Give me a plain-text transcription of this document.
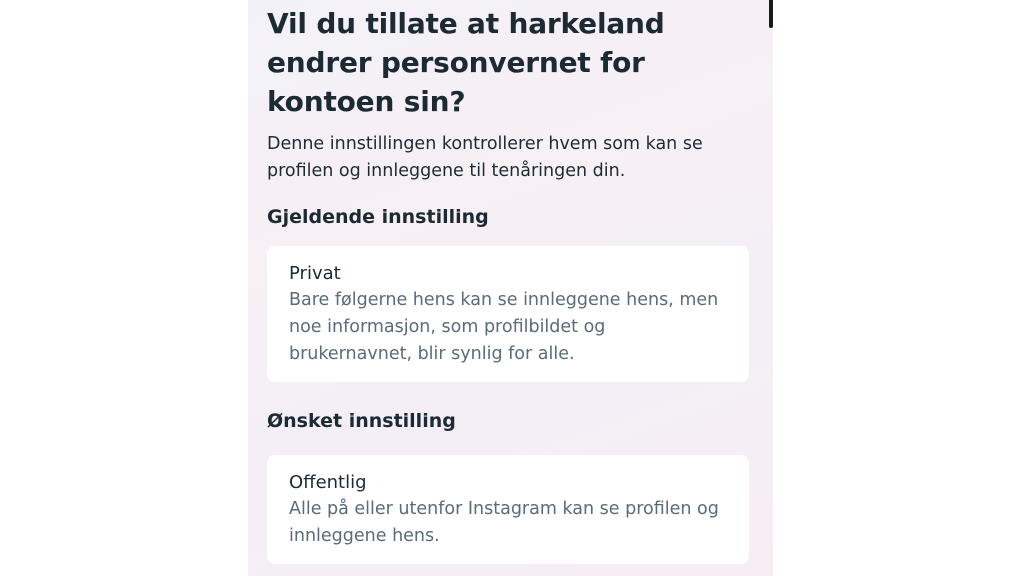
Vil du tillate at harkeland endrer personvernet for kontoen sin?

Denne innstillingen kontrollerer hvem som kan se profilen og innleggene til tenåringen din.

Gjeldende innstilling

Privat

Bare følgerne hens kan se innleggene hens, men noe informasjon, som profilbildet og brukernavnet, blir synlig for alle.

Ønsket innstilling

Offentlig

Alle på eller utenfor Instagram kan se profilen og innleggene hens.
